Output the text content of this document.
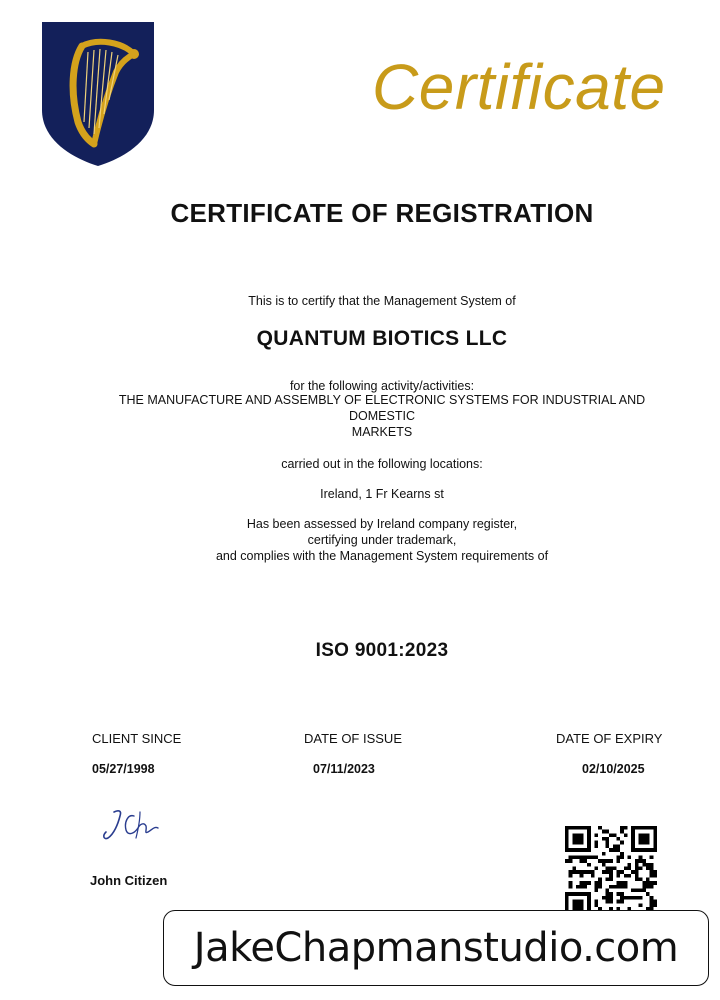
Certificate
CERTIFICATE OF REGISTRATION
This is to certify that the Management System of
QUANTUM BIOTICS LLC
for the following activity/activities:
THE MANUFACTURE AND ASSEMBLY OF ELECTRONIC SYSTEMS FOR INDUSTRIAL AND
DOMESTIC
MARKETS
carried out in the following locations:
Ireland, 1 Fr Kearns st
Has been assessed by Ireland company register,
certifying under trademark,
and complies with the Management System requirements of
ISO 9001:2023
CLIENT SINCE
05/27/1998
DATE OF ISSUE
07/11/2023
DATE OF EXPIRY
02/10/2025
John Citizen
JakeChapmanstudio.com
